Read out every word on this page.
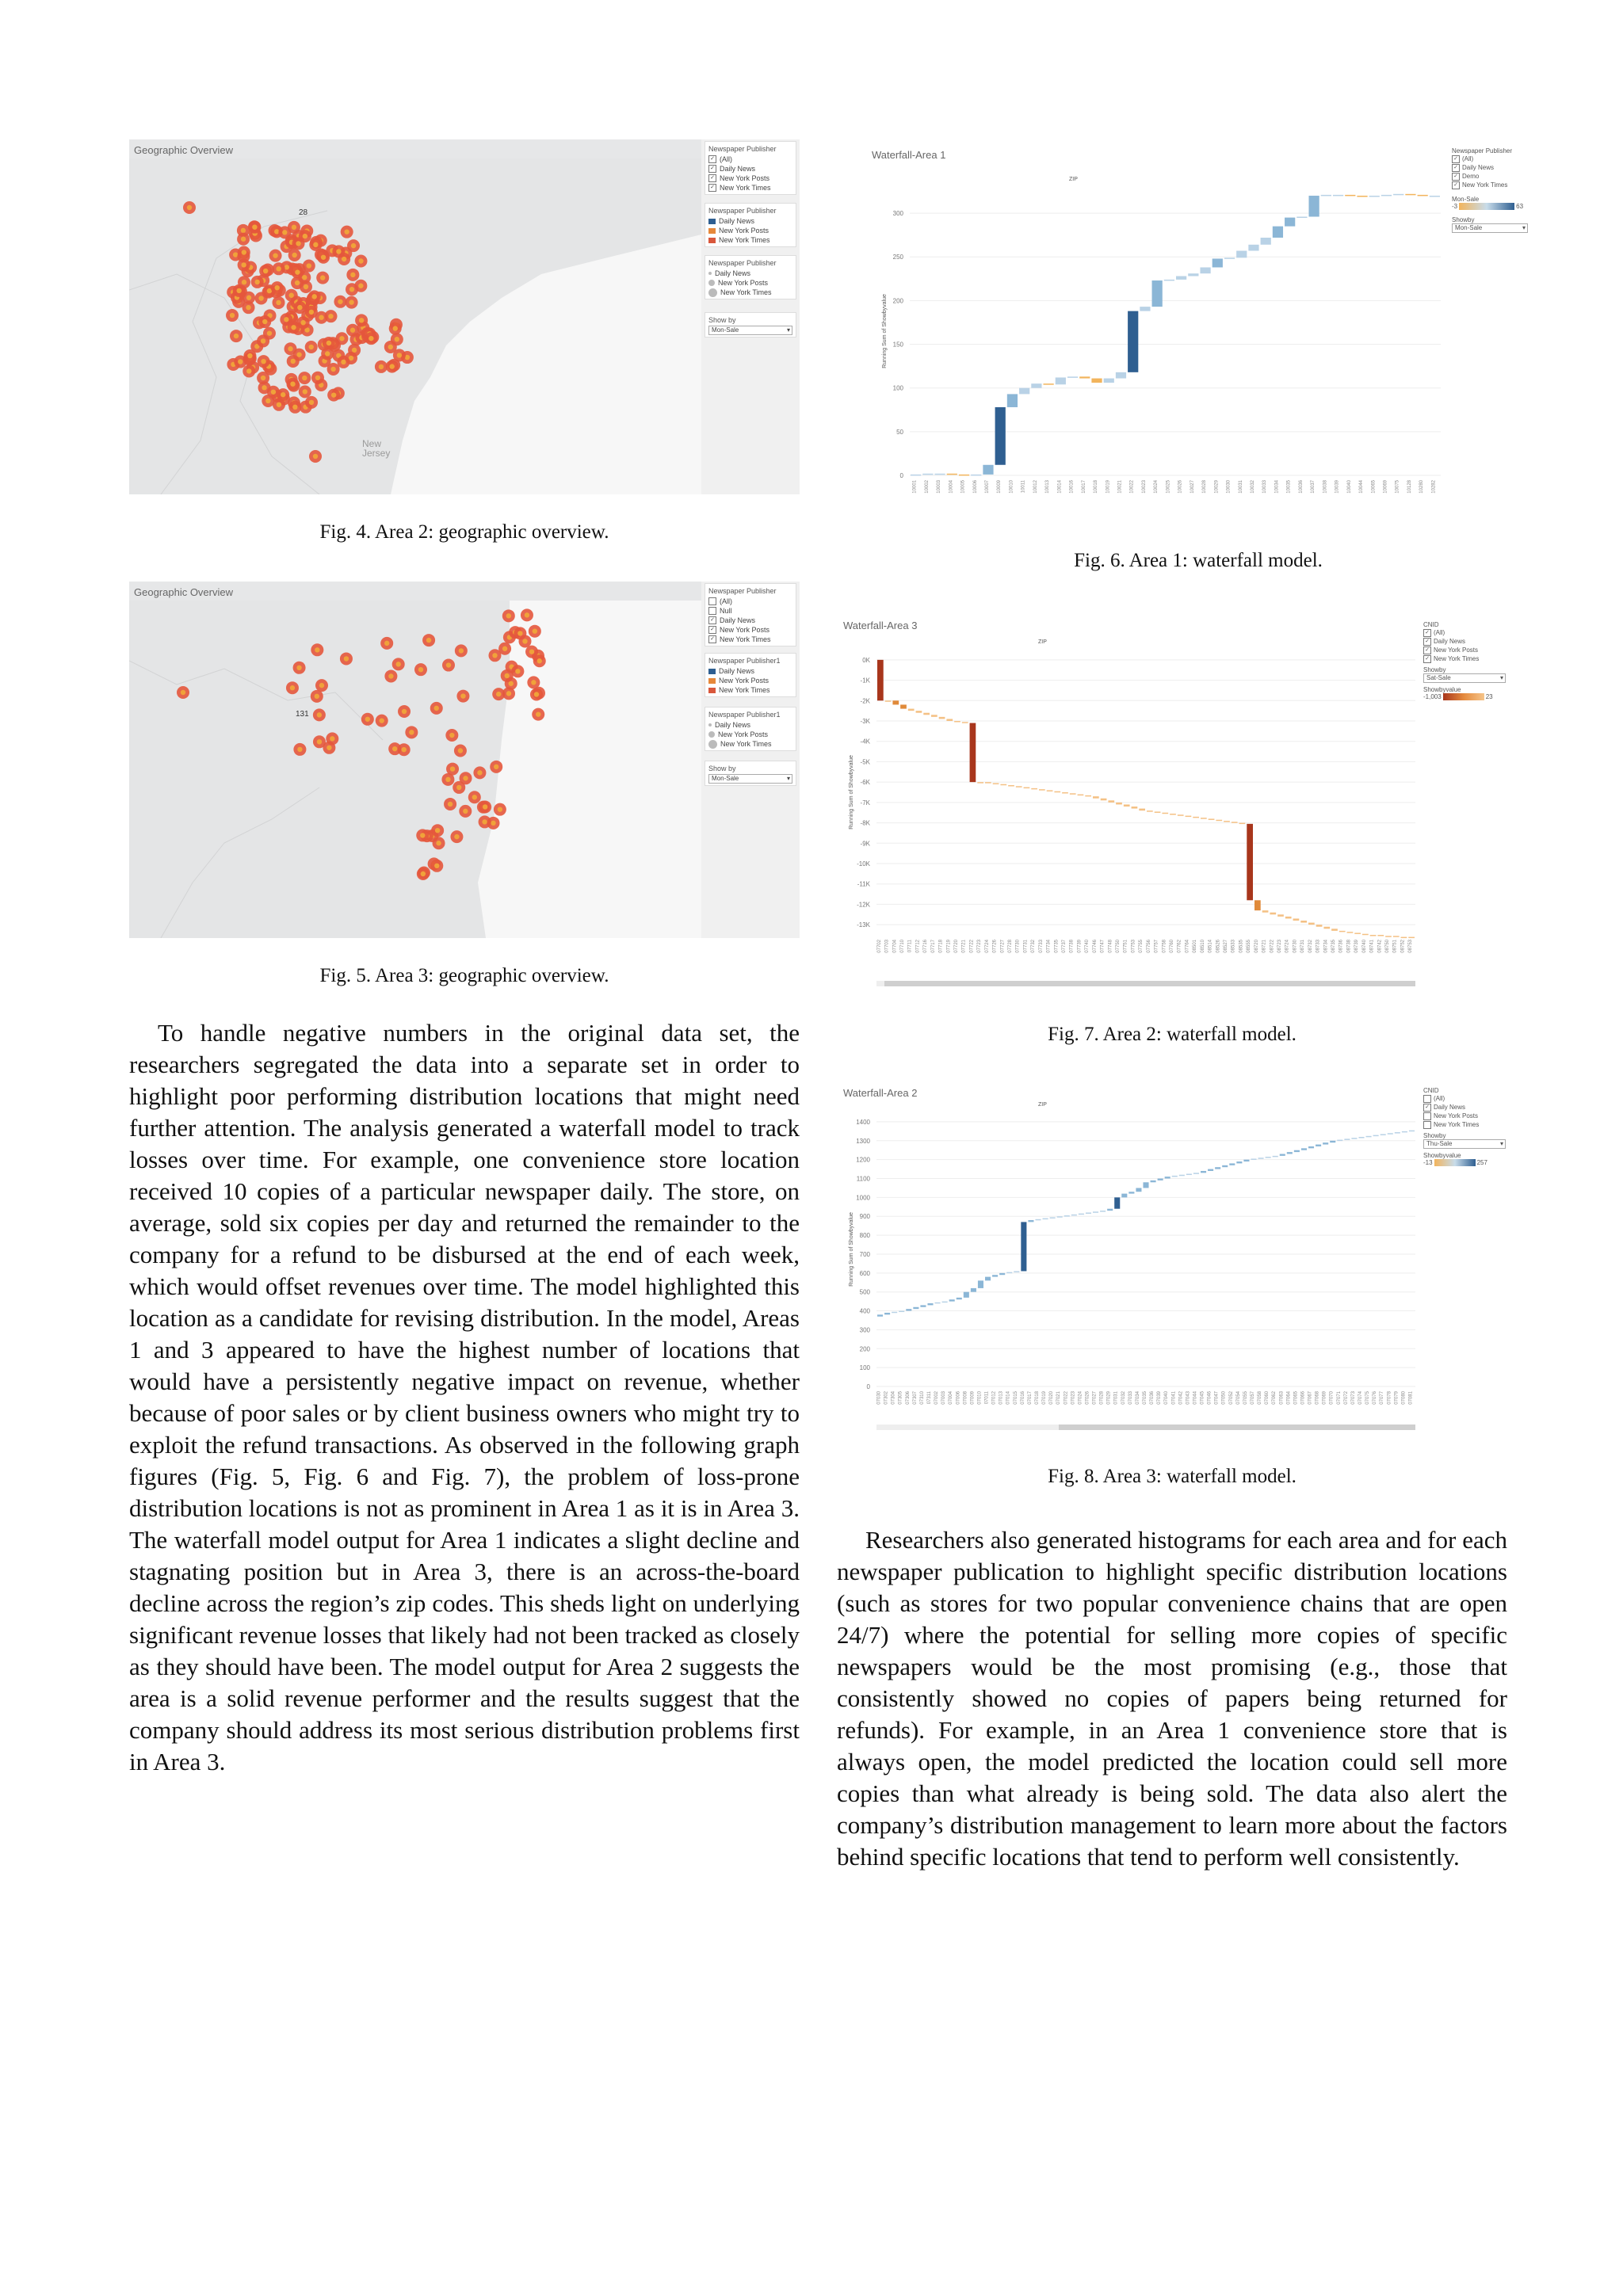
Geographic Overview
28
New
Jersey
Newspaper Publisher
✓ (All)
✓ Daily News
✓ New York Posts
✓ New York Times
Newspaper Publisher
Daily News
New York Posts
New York Times
Newspaper Publisher
Daily News
New York Posts
New York Times
Show by
Mon-Sale	▾
Fig. 4. Area 2: geographic overview.
Geographic Overview
131
Newspaper Publisher
(All)
Null
✓ Daily News
✓ New York Posts
✓ New York Times
Newspaper Publisher1
Daily News
New York Posts
New York Times
Newspaper Publisher1
Daily News
New York Posts
New York Times
Show by
Mon-Sale	▾
Fig. 5. Area 3: geographic overview.
To handle negative numbers in the original data set, the researchers segregated the data into a separate set in order to highlight poor performing distribution locations that might need further attention. The analysis generated a waterfall model to track losses over time. For example, one convenience store location received 10 copies of a particular newspaper daily. The store, on average, sold six copies per day and returned the remainder to the company for a refund to be disbursed at the end of each week, which would offset revenues over time. The model highlighted this location as a candidate for revising distribution. In the model, Areas 1 and 3 appeared to have the highest number of locations that would have a persistently negative impact on revenue, whether because of poor sales or by client business owners who might try to exploit the refund transactions. As observed in the following graph figures (Fig. 5, Fig. 6 and Fig. 7), the problem of loss-prone distribution locations is not as prominent in Area 1 as it is in Area 3. The waterfall model output for Area 1 indicates a slight decline and stagnating position but in Area 3, there is an across-the-board decline across the region’s zip codes. This sheds light on underlying significant revenue losses that likely had not been tracked as closely as they should have been. The model output for Area 2 suggests the area is a solid revenue performer and the results suggest that the company should address its most serious distribution problems first in Area 3.
Waterfall-Area 1
0
50
100
150
200
250
300
Running Sum of Showbyvalue
ZIP
10001 10002 10003 10004 10005 10006 10007 10009 10010 10011 10012 10013 10014 10016 10017 10018 10019 10021 10022 10023 10024 10025 10026 10027 10028 10029 10030 10031 10032 10033 10034 10035 10036 10037 10038 10039 10040 10044 10065 10069 10075 10128 10280 10282
Newspaper Publisher
✓ (All)
✓ Daily News
✓ Demo
✓ New York Times
Mon-Sale
-3	63
Showby
Mon-Sale	▾
Fig. 6. Area 1: waterfall model.
Waterfall-Area 3
0K
-1K
-2K
-3K
-4K
-5K
-6K
-7K
-8K
-9K
-10K
-11K
-12K
-13K
Running Sum of Showbyvalue
ZIP
07702 07703 07704 07710 07711 07712 07716 07717 07718 07719 07720 07721 07722 07723 07724 07726 07727 07728 07730 07731 07732 07733 07734 07735 07737 07738 07739 07740 07746 07747 07748 07750 07751 07753 07755 07756 07757 07758 07760 07762 07764 08501 08510 08514 08526 08527 08533 08535 08555 08720 08721 08722 08723 08724 08730 08731 08732 08733 08734 08735 08736 08738 08739 08740 08741 08742 08750 08751 08752 08753
CNID
✓ (All)
✓ Daily News
✓ New York Posts
✓ New York Times
Showby
Sat-Sale	▾
Showbyvalue
-1,003	23
Fig. 7. Area 2: waterfall model.
Waterfall-Area 2
0
100
200
300
400
500
600
700
800
900
1000
1100
1200
1300
1400
Running Sum of Showbyvalue
ZIP
07030 07302 07304 07305 07306 07307 07310 07311 07002 07003 07004 07006 07008 07009 07010 07011 07012 07013 07014 07015 07016 07017 07018 07019 07020 07021 07022 07023 07024 07026 07027 07028 07029 07031 07032 07033 07034 07035 07036 07039 07040 07041 07042 07043 07044 07045 07046 07047 07050 07052 07054 07055 07057 07058 07060 07062 07063 07064 07065 07066 07067 07068 07069 07070 07071 07072 07073 07074 07075 07076 07077 07078 07079 07080 07081
CNID
(All)
✓ Daily News
New York Posts
New York Times
Showby
Thu-Sale	▾
Showbyvalue
-13	257
Fig. 8. Area 3: waterfall model.
Researchers also generated histograms for each area and for each newspaper publication to highlight specific distribution locations (such as stores for two popular convenience chains that are open 24/7) where the potential for selling more copies of specific newspapers would be the most promising (e.g., those that consistently showed no copies of papers being returned for refunds). For example, in an Area 1 convenience store that is always open, the model predicted the location could sell more copies than what already is being sold. The data also alert the company’s distribution management to learn more about the factors behind specific locations that tend to perform well consistently.
